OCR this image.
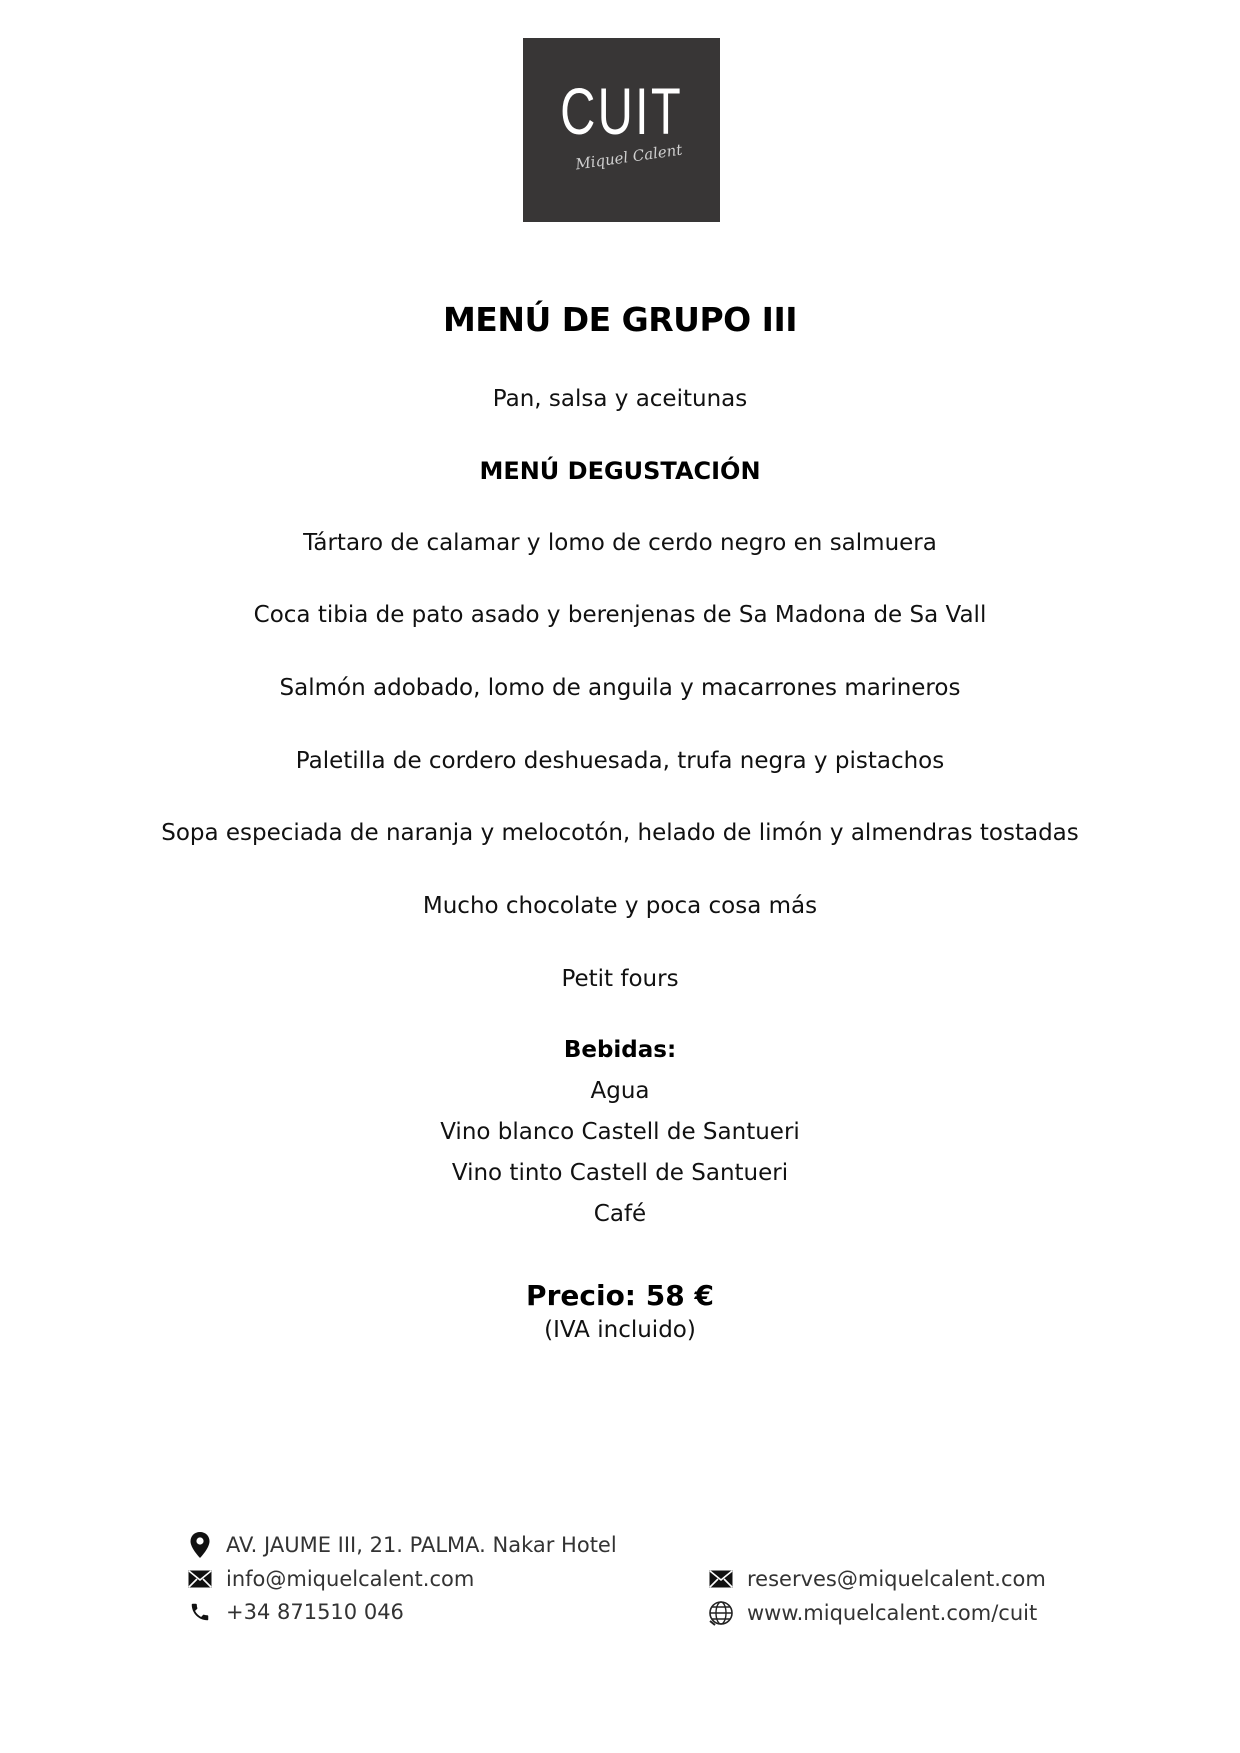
CUIT
Miquel Calent
MENÚ DE GRUPO III
Pan, salsa y aceitunas
MENÚ DEGUSTACIÓN
Tártaro de calamar y lomo de cerdo negro en salmuera
Coca tibia de pato asado y berenjenas de Sa Madona de Sa Vall
Salmón adobado, lomo de anguila y macarrones marineros
Paletilla de cordero deshuesada, trufa negra y pistachos
Sopa especiada de naranja y melocotón, helado de limón y almendras tostadas
Mucho chocolate y poca cosa más
Petit fours
Bebidas:
Agua
Vino blanco Castell de Santueri
Vino tinto Castell de Santueri
Café
Precio: 58 €
(IVA incluido)
AV. JAUME III, 21. PALMA. Nakar Hotel
info@miquelcalent.com
+34 871510 046
reserves@miquelcalent.com
www.miquelcalent.com/cuit
